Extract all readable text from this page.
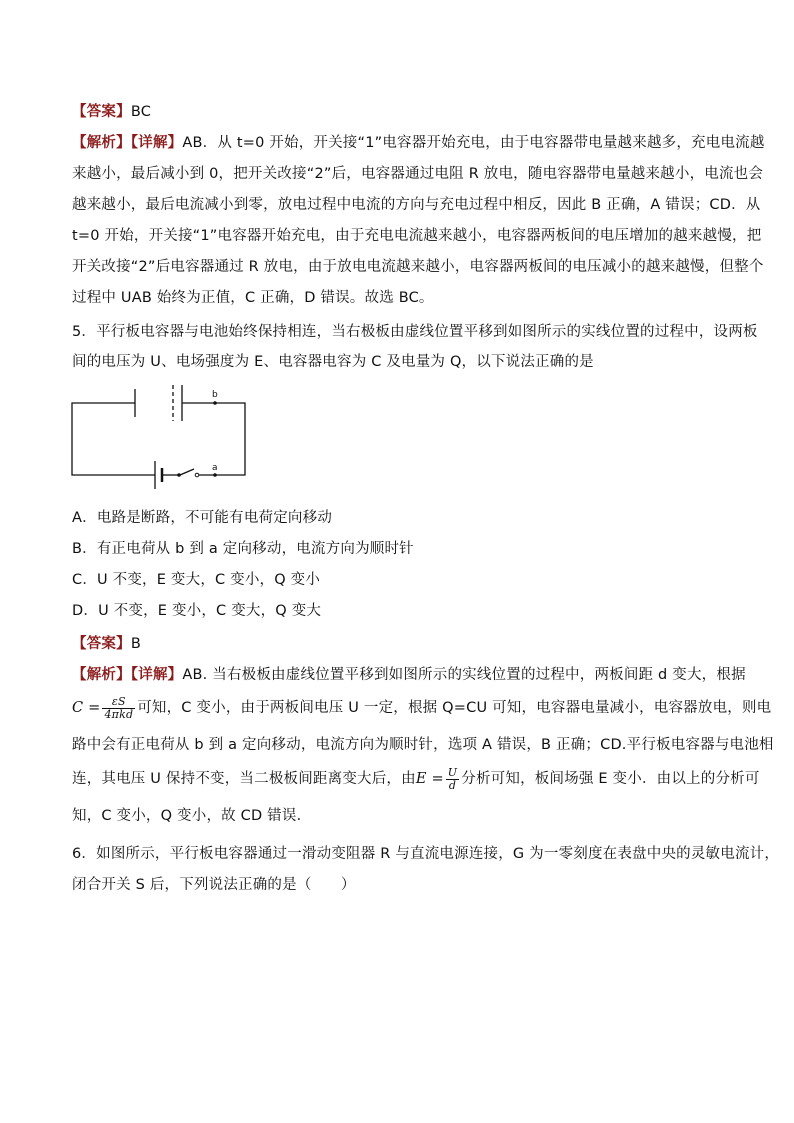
【答案】BC
【解析】【详解】AB．从 t=0 开始，开关接“1”电容器开始充电，由于电容器带电量越来越多，充电电流越
来越小，最后减小到 0，把开关改接“2”后，电容器通过电阻 R 放电，随电容器带电量越来越小，电流也会
越来越小，最后电流减小到零，放电过程中电流的方向与充电过程中相反，因此 B 正确，A 错误；CD．从
t=0 开始，开关接“1”电容器开始充电，由于充电电流越来越小，电容器两板间的电压增加的越来越慢，把
开关改接“2”后电容器通过 R 放电，由于放电电流越来越小，电容器两板间的电压减小的越来越慢，但整个
过程中 UAB 始终为正值，C 正确，D 错误。故选 BC。
5．平行板电容器与电池始终保持相连，当右极板由虚线位置平移到如图所示的实线位置的过程中，设两板
间的电压为 U、电场强度为 E、电容器电容为 C 及电量为 Q，以下说法正确的是
b
a
A．电路是断路，不可能有电荷定向移动
B．有正电荷从 b 到 a 定向移动，电流方向为顺时针
C．U 不变，E 变大，C 变小，Q 变小
D．U 不变，E 变小，C 变大，Q 变大
【答案】B
【解析】【详解】AB. 当右极板由虚线位置平移到如图所示的实线位置的过程中，两板间距 d 变大，根据
$C = \frac{\varepsilon S}{\text{4πkd}}$ 可知，C 变小，由于两板间电压 U 一定，根据 Q=CU 可知，电容器电量减小，电容器放电，则电
路中会有正电荷从 b 到 a 定向移动，电流方向为顺时针，选项 A 错误，B 正确；CD.平行板电容器与电池相
连，其电压 U 保持不变，当二极板间距离变大后，由$E = \frac{U}{d}$ 分析可知，板间场强 E 变小．由以上的分析可
知，C 变小，Q 变小，故 CD 错误．
6．如图所示，平行板电容器通过一滑动变阻器 R 与直流电源连接，G 为一零刻度在表盘中央的灵敏电流计，
闭合开关 S 后，下列说法正确的是（　　）
